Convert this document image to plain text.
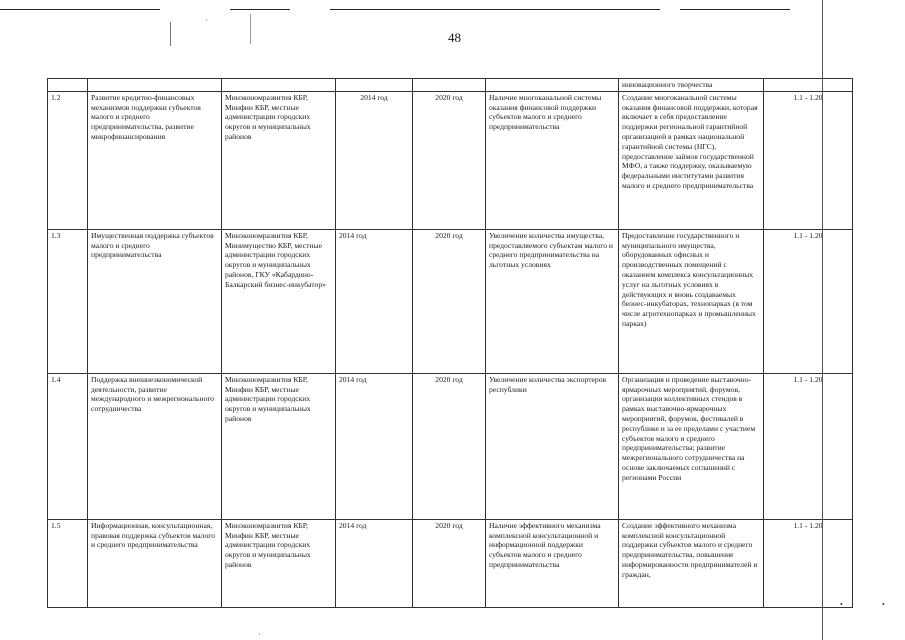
48
						инновационного творчества	
1.2	Развитие кредитно-финансовых механизмов поддержки субъектов малого и среднего предпринимательства, развитие микрофинансирования	Минэкономразвития КБР, Минфин КБР, местные администрации городских округов и муниципальных районов	2014 год	2020 год	Наличие многоканальной системы оказания финансовой поддержки субъектов малого и среднего предпринимательства	Создание многоканальной системы оказания финансовой поддержки, которая включает в себя предоставление поддержки региональной гарантийной организацией в рамках национальной гарантийной системы (НГС), предоставление займов государственной МФО, а также поддержку, оказываемую федеральными институтами развития малого и среднего предпринимательства	1.1 - 1.20
1.3	Имущественная поддержка субъектов малого и среднего предпринимательства	Минэкономразвития КБР, Минимущество КБР, местные администрации городских округов и муниципальных районов, ГКУ «Кабардино-Балкарский бизнес-инкубатор»	2014 год	2020 год	Увеличение количества имущества, предоставляемого субъектам малого и среднего предпринимательства на льготных условиях	Предоставление государственного и муниципального имущества, оборудованных офисных и производственных помещений с оказанием комплекса консультационных услуг на льготных условиях в действующих и вновь создаваемых бизнес-инкубаторах, технопарках (в том числе агротехнопарках и промышленных парках)	1.1 - 1.20
1.4	Поддержка внешнеэкономической деятельности, развитие международного и межрегионального сотрудничества	Минэкономразвития КБР, Минфин КБР, местные администрации городских округов и муниципальных районов	2014 год	2020 год	Увеличение количества экспортеров республики	Организация и проведение выставочно-ярмарочных мероприятий, форумов, организация коллективных стендов в рамках выставочно-ярмарочных мероприятий, форумов, фестивалей в республике и за ее пределами с участием субъектов малого и среднего предпринимательства; развитие межрегионального сотрудничества на основе заключаемых соглашений с регионами России	1.1 - 1.20
1.5	Информационная, консультационная, правовая поддержка субъектов малого и среднего предпринимательства	Минэкономразвития КБР, Минфин КБР, местные администрации городских округов и муниципальных районов	2014 год	2020 год	Наличие эффективного механизма комплексной консультационной и информационной поддержки субъектов малого и среднего предпринимательства	Создание эффективного механизма комплексной консультационной поддержки субъектов малого и среднего предпринимательства, повышение информированности предпринимателей и граждан,	1.1 - 1.20
·
•	•
·
